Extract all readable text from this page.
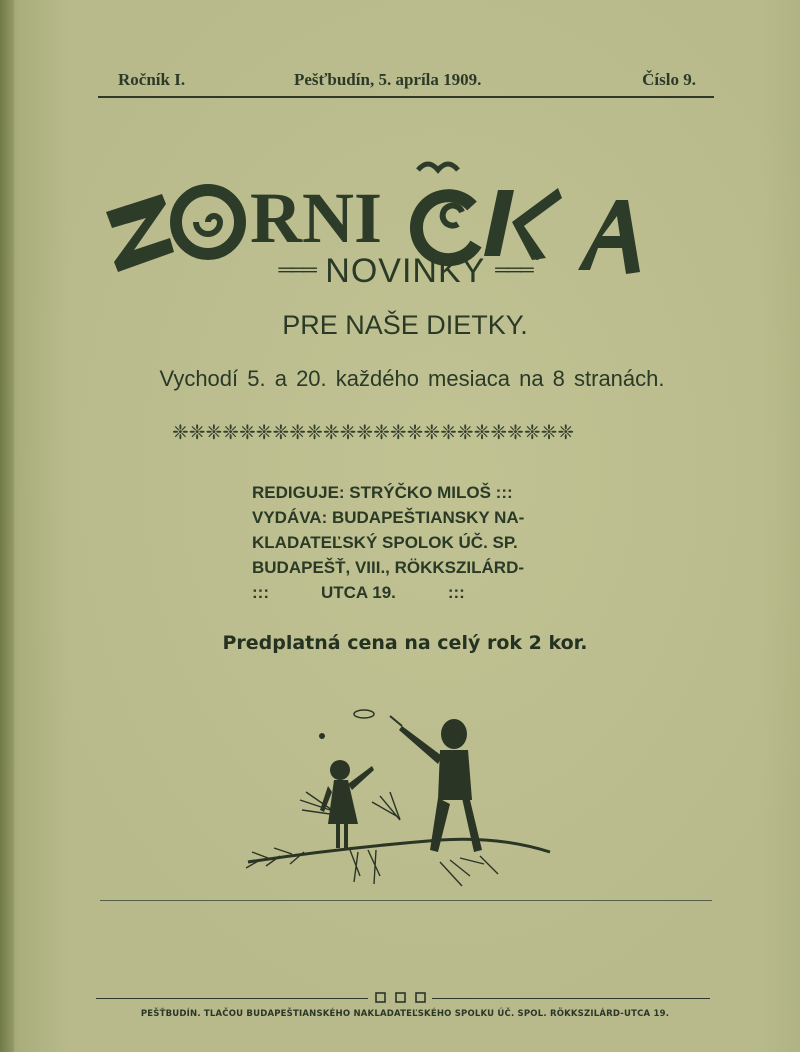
Ročník I.	Pešťbudín, 5. apríla 1909.	Číslo 9.
RNI
═══ NOVINKY ═══
PRE NAŠE DIETKY.
Vychodí 5. a 20. každého mesiaca na 8 stranách.
❈❈❈❈❈❈❈❈❈❈❈❈❈❈❈❈❈❈❈❈❈❈❈❈
REDIGUJE: STRÝČKO MILOŠ :::
VYDÁVA: BUDAPEŠTIANSKY NA-
KLADATEĽSKÝ SPOLOK ÚČ. SP.
BUDAPEŠŤ, VIII., RÖKKSZILÁRD-
:::           UTCA 19.           :::
Predplatná cena na celý rok 2 kor.
PEŠŤBUDÍN. TLAČOU BUDAPEŠTIANSKÉHO NAKLADATEĽSKÉHO SPOLKU ÚČ. SPOL. RÖKKSZILÁRD-UTCA 19.
